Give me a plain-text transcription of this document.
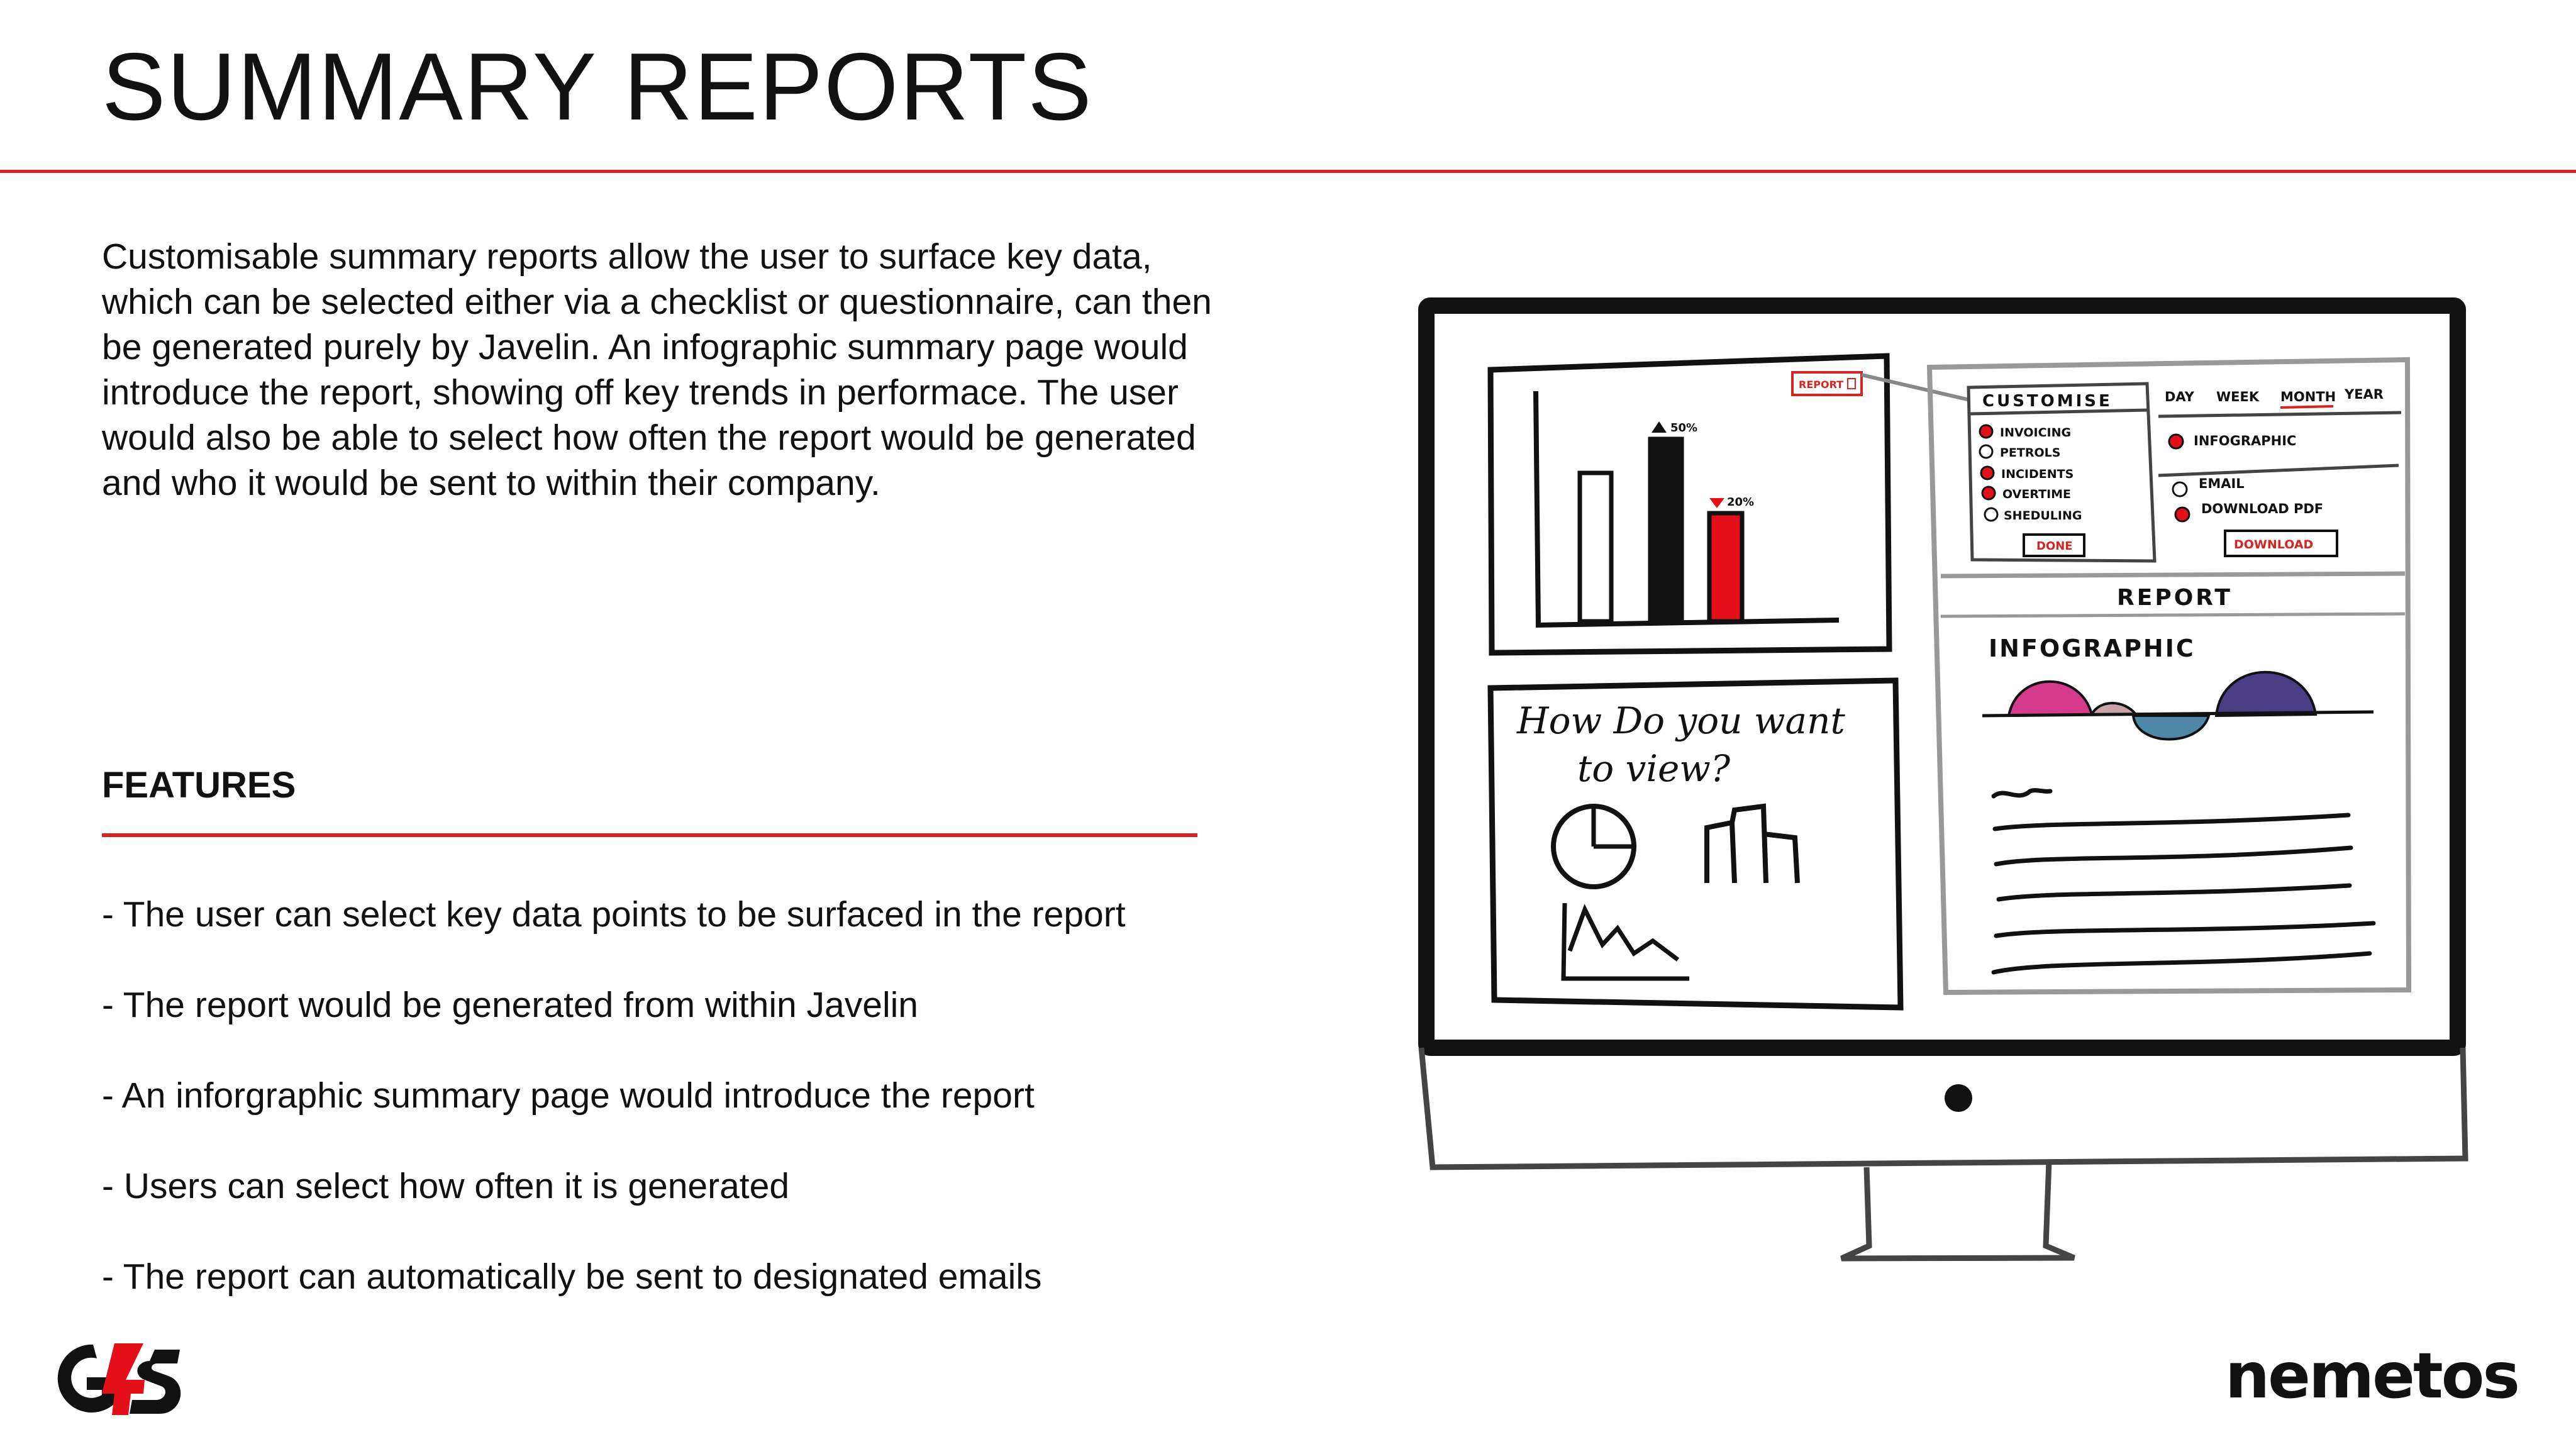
SUMMARY REPORTS

Customisable summary reports allow the user to surface key data, which can be selected either via a checklist or questionnaire, can then be generated purely by Javelin. An infographic summary page would introduce the report, showing off key trends in performace. The user would also be able to select how often the report would be generated and who it would be sent to within their company.

FEATURES
- The user can select key data points to be surfaced in the report
- The report would be generated from within Javelin
- An inforgraphic summary page would introduce the report
- Users can select how often it is generated
- The report can automatically be sent to designated emails
50%
20%
REPORT
How Do you want
to view?
CUSTOMISE
INVOICING
PETROLS
INCIDENTS
OVERTIME
SHEDULING
DONE
DAY WEEK MONTH YEAR
INFOGRAPHIC
EMAIL
DOWNLOAD PDF
DOWNLOAD
REPORT
INFOGRAPHIC
nemetos
